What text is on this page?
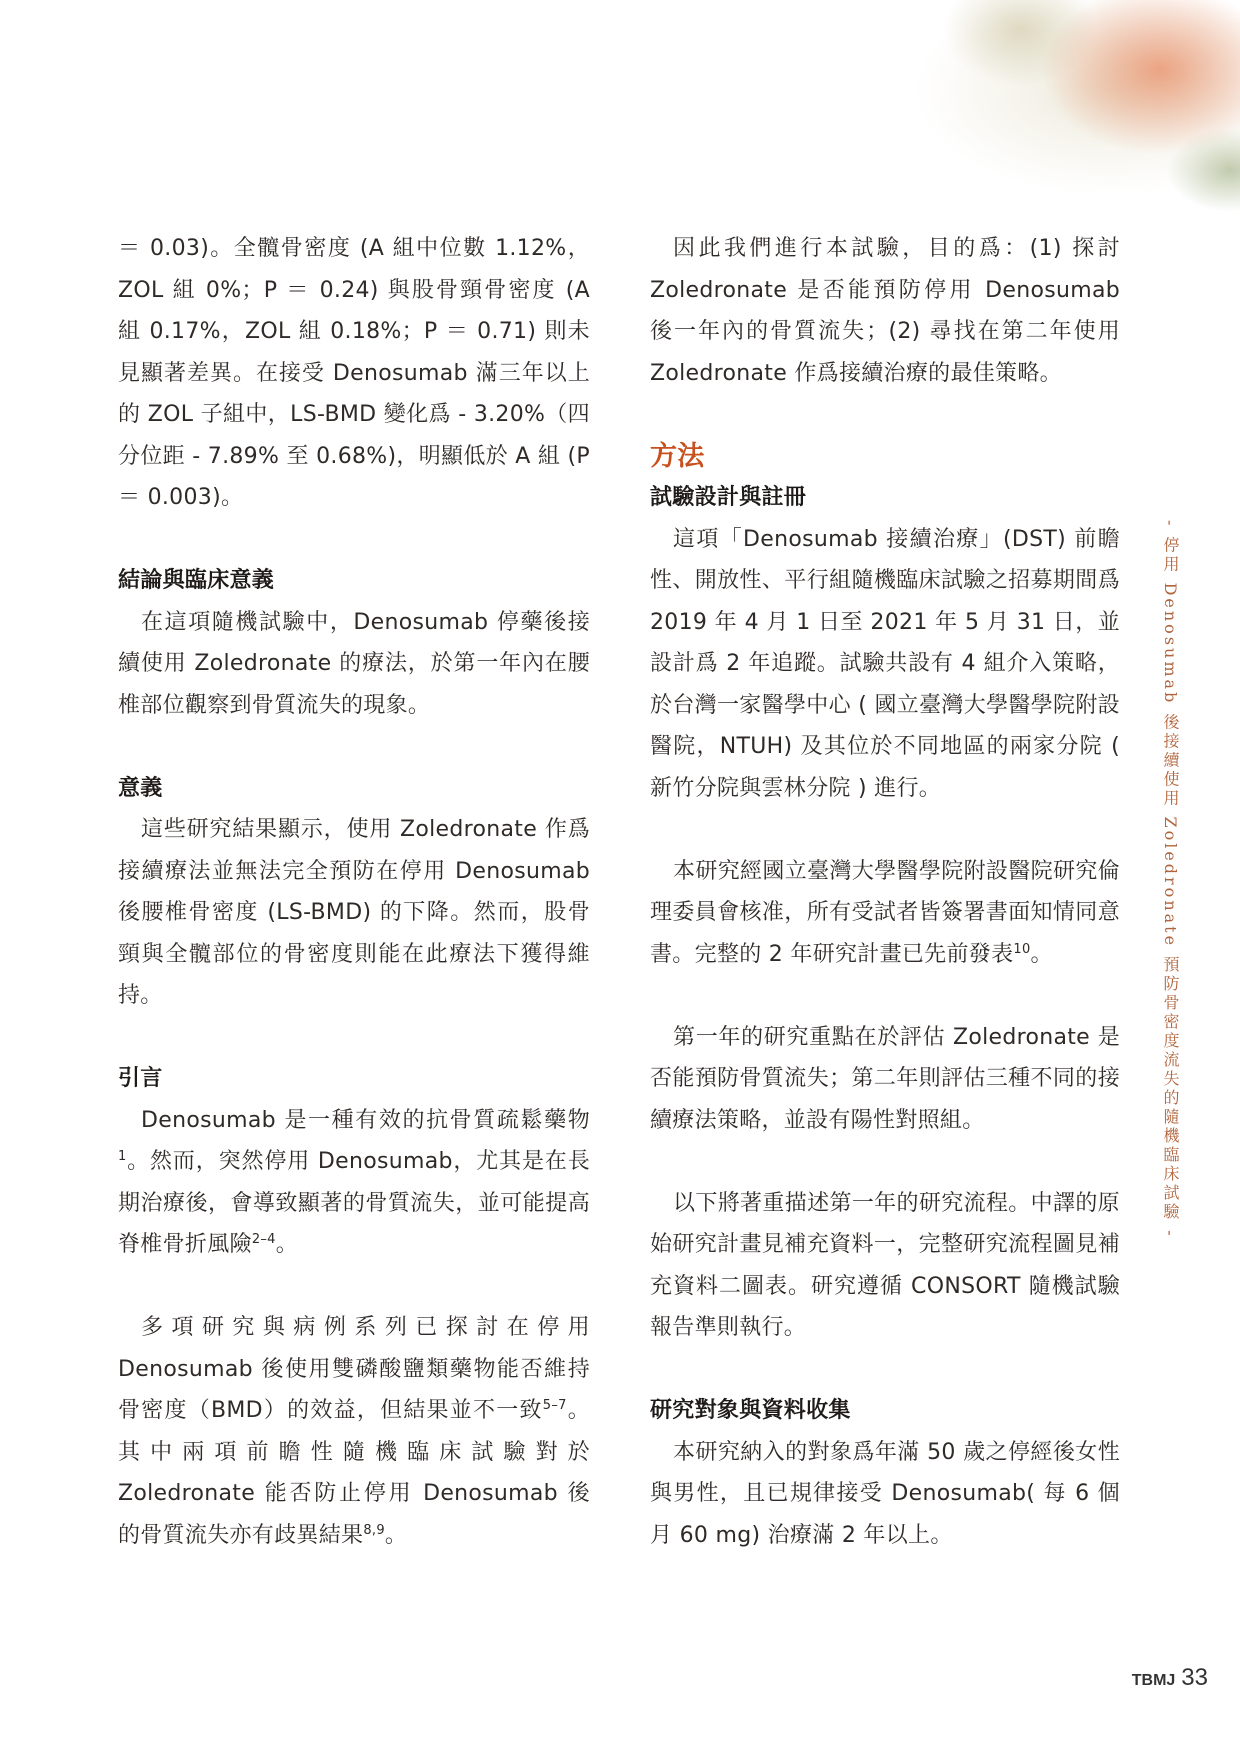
＝ 0.03)。全髖骨密度 (A 組中位數 1.12%，ZOL 組 0%；P ＝ 0.24) 與股骨頸骨密度 (A 組 0.17%，ZOL 組 0.18%；P ＝ 0.71) 則未見顯著差異。在接受 Denosumab 滿三年以上的 ZOL 子組中，LS-BMD 變化爲 - 3.20%（四分位距 - 7.89% 至 0.68%)，明顯低於 A 組 (P ＝ 0.003)。

結論與臨床意義

在這項隨機試驗中，Denosumab 停藥後接續使用 Zoledronate 的療法，於第一年內在腰椎部位觀察到骨質流失的現象。

意義

這些研究結果顯示，使用 Zoledronate 作爲接續療法並無法完全預防在停用 Denosumab 後腰椎骨密度 (LS-BMD) 的下降。然而，股骨頸與全髖部位的骨密度則能在此療法下獲得維持。

引言

Denosumab 是一種有效的抗骨質疏鬆藥物$^1$。然而，突然停用 Denosumab，尤其是在長期治療後，會導致顯著的骨質流失，並可能提高脊椎骨折風險$^{2-4}$。

多項研究與病例系列已探討在停用 Denosumab 後使用雙磷酸鹽類藥物能否維持骨密度（BMD）的效益，但結果並不一致$^{5-7}$。其中兩項前瞻性隨機臨床試驗對於 Zoledronate 能否防止停用 Denosumab 後的骨質流失亦有歧異結果$^{8,9}$。

因此我們進行本試驗，目的爲：(1) 探討 Zoledronate 是否能預防停用 Denosumab 後一年內的骨質流失；(2) 尋找在第二年使用 Zoledronate 作爲接續治療的最佳策略。

方法

試驗設計與註冊

這項「Denosumab 接續治療」(DST) 前瞻性、開放性、平行組隨機臨床試驗之招募期間爲 2019 年 4 月 1 日至 2021 年 5 月 31 日，並設計爲 2 年追蹤。試驗共設有 4 組介入策略，於台灣一家醫學中心 ( 國立臺灣大學醫學院附設醫院，NTUH) 及其位於不同地區的兩家分院 ( 新竹分院與雲林分院 ) 進行。

本研究經國立臺灣大學醫學院附設醫院研究倫理委員會核准，所有受試者皆簽署書面知情同意書。完整的 2 年研究計畫已先前發表$^{10}$。

第一年的研究重點在於評估 Zoledronate 是否能預防骨質流失；第二年則評估三種不同的接續療法策略，並設有陽性對照組。

以下將著重描述第一年的研究流程。中譯的原始研究計畫見補充資料一，完整研究流程圖見補充資料二圖表。研究遵循 CONSORT 隨機試驗報告準則執行。

研究對象與資料收集

本研究納入的對象爲年滿 50 歲之停經後女性與男性，且已規律接受 Denosumab( 每 6 個月 60 mg) 治療滿 2 年以上。

- 停用 Denosumab 後接續使用 Zoledronate 預防骨密度流失的隨機臨床試驗 -
TBMJ 33
